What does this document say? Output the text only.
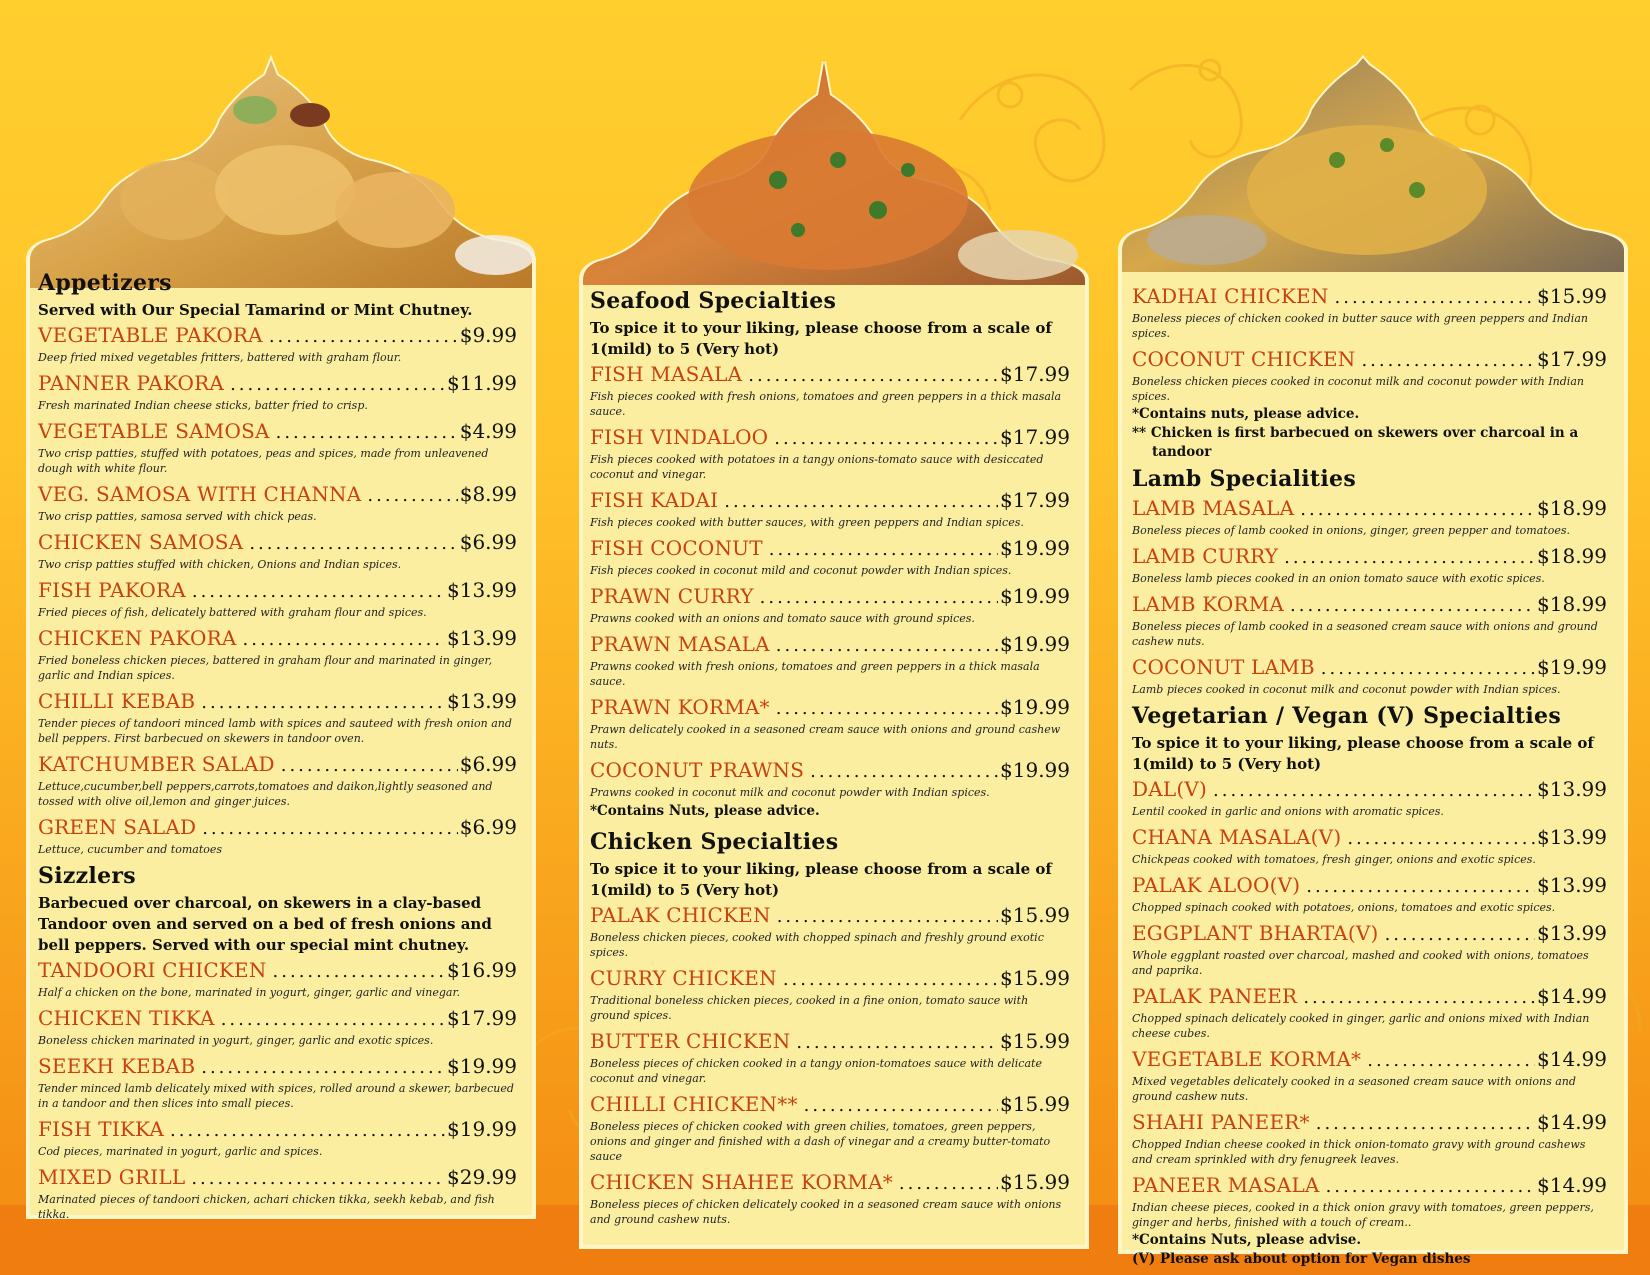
Appetizers
Served with Our Special Tamarind or Mint Chutney.
VEGETABLE PAKORA .....	$9.99
Deep fried mixed vegetables fritters, battered with graham flour.
PANNER PAKORA .....	$11.99
Fresh marinated Indian cheese sticks, batter fried to crisp.
VEGETABLE SAMOSA .....	$4.99
Two crisp patties, stuffed with potatoes, peas and spices, made from unleavened dough with white flour.
VEG. SAMOSA WITH CHANNA .....	$8.99
Two crisp patties, samosa served with chick peas.
CHICKEN SAMOSA .....	$6.99
Two crisp patties stuffed with chicken, Onions and Indian spices.
FISH PAKORA .....	$13.99
Fried pieces of fish, delicately battered with graham flour and spices.
CHICKEN PAKORA .....	$13.99
Fried boneless chicken pieces, battered in graham flour and marinated in ginger, garlic and Indian spices.
CHILLI KEBAB .....	$13.99
Tender pieces of tandoori minced lamb with spices and sauteed with fresh onion and bell peppers. First barbecued on skewers in tandoor oven.
KATCHUMBER SALAD .....	$6.99
Lettuce,cucumber,bell peppers,carrots,tomatoes and daikon,lightly seasoned and tossed with olive oil,lemon and ginger juices.
GREEN SALAD .....	$6.99
Lettuce, cucumber and tomatoes
Sizzlers
Barbecued over charcoal, on skewers in a clay-based Tandoor oven and served on a bed of fresh onions and bell peppers. Served with our special mint chutney.
TANDOORI CHICKEN .....	$16.99
Half a chicken on the bone, marinated in yogurt, ginger, garlic and vinegar.
CHICKEN TIKKA .....	$17.99
Boneless chicken marinated in yogurt, ginger, garlic and exotic spices.
SEEKH KEBAB .....	$19.99
Tender minced lamb delicately mixed with spices, rolled around a skewer, barbecued in a tandoor and then slices into small pieces.
FISH TIKKA .....	$19.99
Cod pieces, marinated in yogurt, garlic and spices.
MIXED GRILL .....	$29.99
Marinated pieces of tandoori chicken, achari chicken tikka, seekh kebab, and fish tikka.
Seafood Specialties
To spice it to your liking, please choose from a scale of 1(mild) to 5 (Very hot)
FISH MASALA .....	$17.99
Fish pieces cooked with fresh onions, tomatoes and green peppers in a thick masala sauce.
FISH VINDALOO .....	$17.99
Fish pieces cooked with potatoes in a tangy onions-tomato sauce with desiccated coconut and vinegar.
FISH KADAI .....	$17.99
Fish pieces cooked with butter sauces, with green peppers and Indian spices.
FISH COCONUT .....	$19.99
Fish pieces cooked in coconut mild and coconut powder with Indian spices.
PRAWN CURRY .....	$19.99
Prawns cooked with an onions and tomato sauce with ground spices.
PRAWN MASALA .....	$19.99
Prawns cooked with fresh onions, tomatoes and green peppers in a thick masala sauce.
PRAWN KORMA* .....	$19.99
Prawn delicately cooked in a seasoned cream sauce with onions and ground cashew nuts.
COCONUT PRAWNS .....	$19.99
Prawns cooked in coconut milk and coconut powder with Indian spices.
*Contains Nuts, please advice.
Chicken Specialties
To spice it to your liking, please choose from a scale of 1(mild) to 5 (Very hot)
PALAK CHICKEN .....	$15.99
Boneless chicken pieces, cooked with chopped spinach and freshly ground exotic spices.
CURRY CHICKEN .....	$15.99
Traditional boneless chicken pieces, cooked in a fine onion, tomato sauce with ground spices.
BUTTER CHICKEN .....	$15.99
Boneless pieces of chicken cooked in a tangy onion-tomatoes sauce with delicate coconut and vinegar.
CHILLI CHICKEN** .....	$15.99
Boneless pieces of chicken cooked with green chilies, tomatoes, green peppers, onions and ginger and finished with a dash of vinegar and a creamy butter-tomato sauce
CHICKEN SHAHEE KORMA* .....	$15.99
Boneless pieces of chicken delicately cooked in a seasoned cream sauce with onions and ground cashew nuts.
KADHAI CHICKEN .....	$15.99
Boneless pieces of chicken cooked in butter sauce with green peppers and Indian spices.
COCONUT CHICKEN .....	$17.99
Boneless chicken pieces cooked in coconut milk and coconut powder with Indian spices.
*Contains nuts, please advice.
** Chicken is first barbecued on skewers over charcoal in a tandoor
Lamb Specialities
LAMB MASALA .....	$18.99
Boneless pieces of lamb cooked in onions, ginger, green pepper and tomatoes.
LAMB CURRY .....	$18.99
Boneless lamb pieces cooked in an onion tomato sauce with exotic spices.
LAMB KORMA .....	$18.99
Boneless pieces of lamb cooked in a seasoned cream sauce with onions and ground cashew nuts.
COCONUT LAMB .....	$19.99
Lamb pieces cooked in coconut milk and coconut powder with Indian spices.
Vegetarian / Vegan (V) Specialties
To spice it to your liking, please choose from a scale of 1(mild) to 5 (Very hot)
DAL(V) .....	$13.99
Lentil cooked in garlic and onions with aromatic spices.
CHANA MASALA(V) .....	$13.99
Chickpeas cooked with tomatoes, fresh ginger, onions and exotic spices.
PALAK ALOO(V) .....	$13.99
Chopped spinach cooked with potatoes, onions, tomatoes and exotic spices.
EGGPLANT BHARTA(V) .....	$13.99
Whole eggplant roasted over charcoal, mashed and cooked with onions, tomatoes and paprika.
PALAK PANEER .....	$14.99
Chopped spinach delicately cooked in ginger, garlic and onions mixed with Indian cheese cubes.
VEGETABLE KORMA* .....	$14.99
Mixed vegetables delicately cooked in a seasoned cream sauce with onions and ground cashew nuts.
SHAHI PANEER* .....	$14.99
Chopped Indian cheese cooked in thick onion-tomato gravy with ground cashews and cream sprinkled with dry fenugreek leaves.
PANEER MASALA .....	$14.99
Indian cheese pieces, cooked in a thick onion gravy with tomatoes, green peppers, ginger and herbs, finished with a touch of cream..
*Contains Nuts, please advise.
(V) Please ask about option for Vegan dishes
